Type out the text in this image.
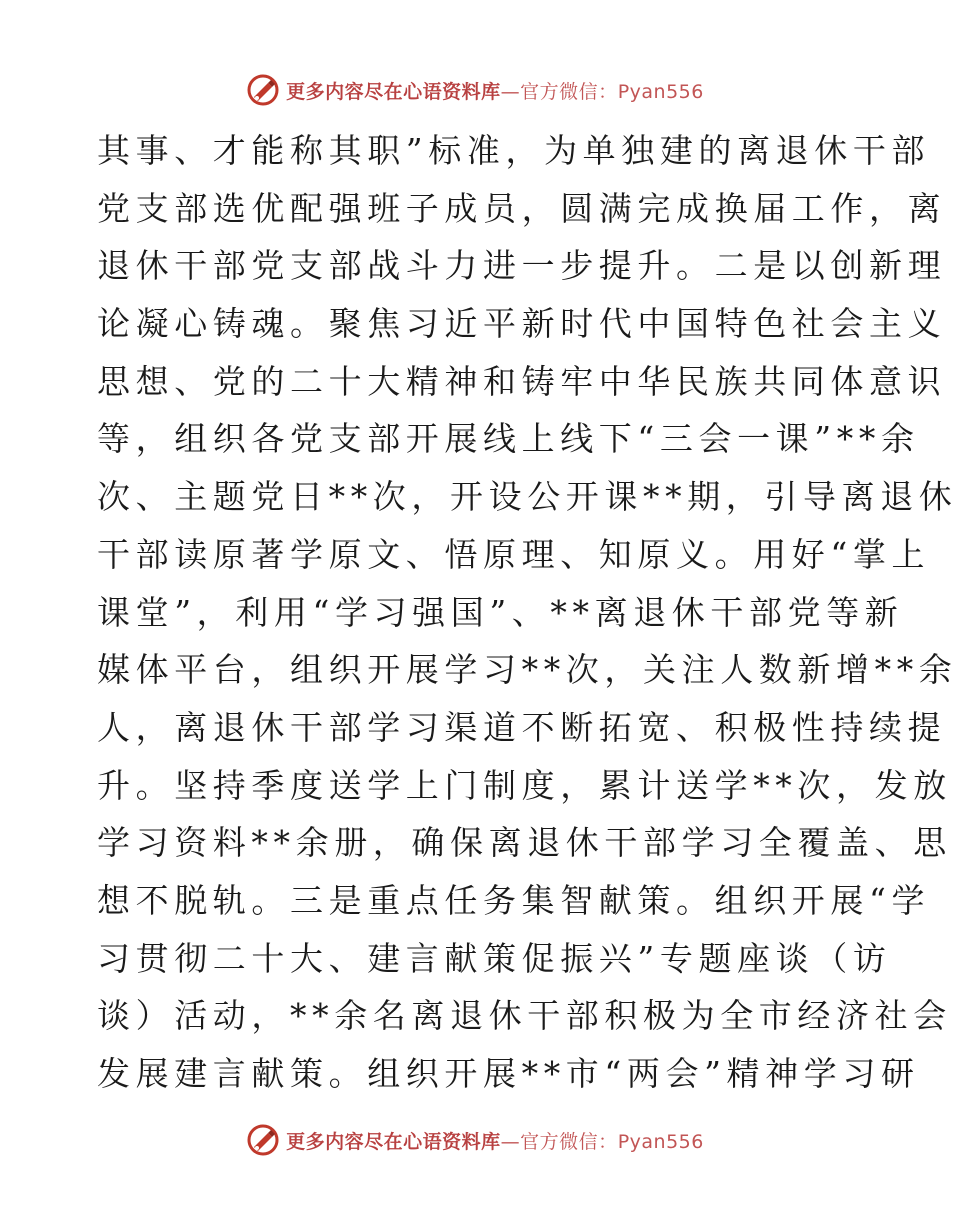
更多内容尽在心语资料库—官方微信：Pyan556
其事、才能称其职”标准，为单独建的离退休干部
党支部选优配强班子成员，圆满完成换届工作，离
退休干部党支部战斗力进一步提升。二是以创新理
论凝心铸魂。聚焦习近平新时代中国特色社会主义
思想、党的二十大精神和铸牢中华民族共同体意识
等，组织各党支部开展线上线下“三会一课”**余
次、主题党日**次，开设公开课**期，引导离退休
干部读原著学原文、悟原理、知原义。用好“掌上
课堂”，利用“学习强国”、**离退休干部党等新
媒体平台，组织开展学习**次，关注人数新增**余
人，离退休干部学习渠道不断拓宽、积极性持续提
升。坚持季度送学上门制度，累计送学**次，发放
学习资料**余册，确保离退休干部学习全覆盖、思
想不脱轨。三是重点任务集智献策。组织开展“学
习贯彻二十大、建言献策促振兴”专题座谈（访
谈）活动，**余名离退休干部积极为全市经济社会
发展建言献策。组织开展**市“两会”精神学习研
更多内容尽在心语资料库—官方微信：Pyan556
